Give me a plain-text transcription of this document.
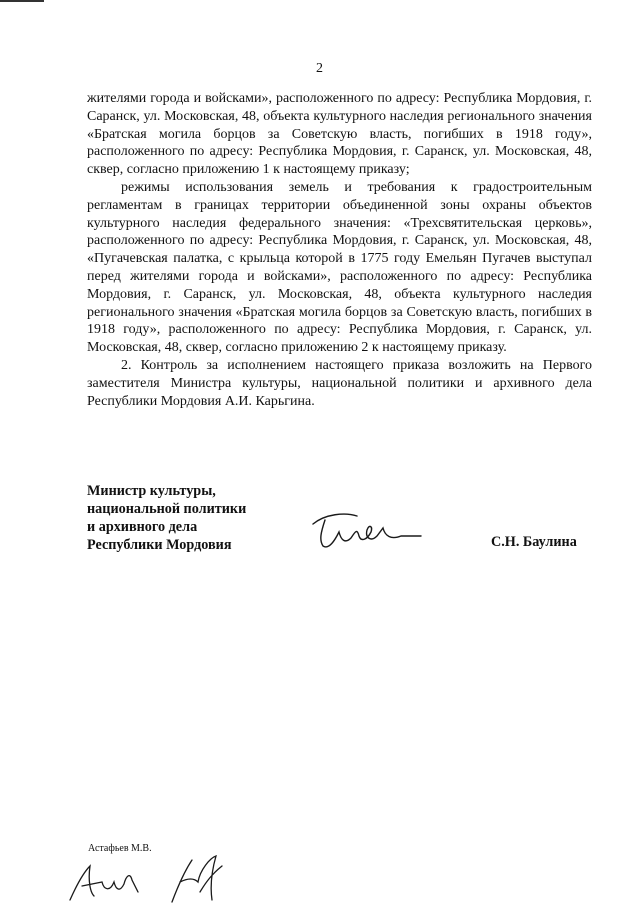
2

жителями города и войсками», расположенного по адресу: Республика Мордовия, г. Саранск, ул. Московская, 48, объекта культурного наследия регионального значения «Братская могила борцов за Советскую власть, погибших в 1918 году», расположенного по адресу: Республика Мордовия, г. Саранск, ул. Московская, 48, сквер, согласно приложению 1 к настоящему приказу;

режимы использования земель и требования к градостроительным регламентам в границах территории объединенной зоны охраны объектов культурного наследия федерального значения: «Трехсвятительская церковь», расположенного по адресу: Республика Мордовия, г. Саранск, ул. Московская, 48, «Пугачевская палатка, с крыльца которой в 1775 году Емельян Пугачев выступал перед жителями города и войсками», расположенного по адресу: Республика Мордовия, г. Саранск, ул. Московская, 48, объекта культурного наследия регионального значения «Братская могила борцов за Советскую власть, погибших в 1918 году», расположенного по адресу: Республика Мордовия, г. Саранск, ул. Московская, 48, сквер, согласно приложению 2 к настоящему приказу.

2. Контроль за исполнением настоящего приказа возложить на Первого заместителя Министра культуры, национальной политики и архивного дела Республики Мордовия А.И. Карьгина.

Министр культуры,
национальной политики
и архивного дела
Республики Мордовия	С.Н. Баулина
Астафьев М.В.
